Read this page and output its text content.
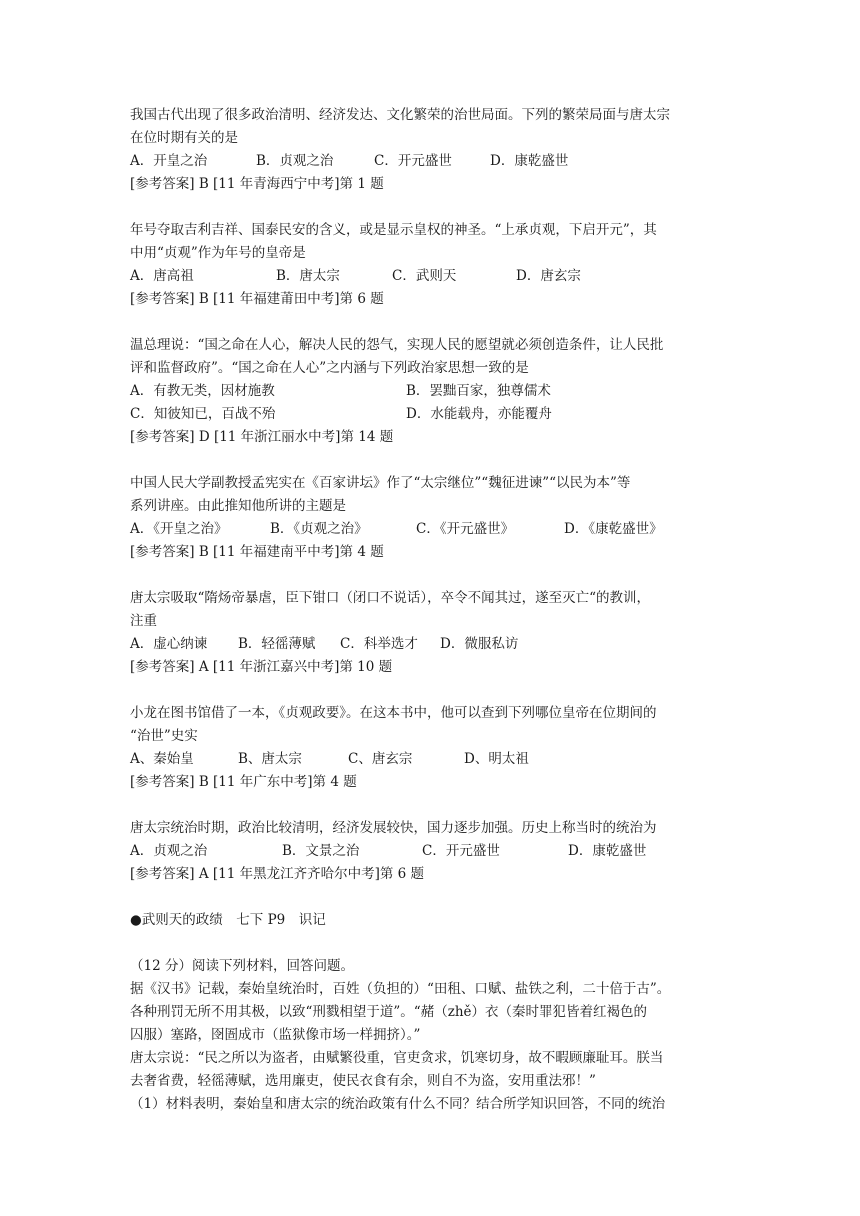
我国古代出现了很多政治清明、经济发达、文化繁荣的治世局面。下列的繁荣局面与唐太宗
在位时期有关的是
A．开皇之治	B．贞观之治	C．开元盛世	D．康乾盛世
[参考答案] B [11 年青海西宁中考]第 1 题
年号夺取吉利吉祥、国泰民安的含义，或是显示皇权的神圣。“上承贞观，下启开元”，其
中用“贞观”作为年号的皇帝是
A．唐高祖	B．唐太宗	C．武则天	D．唐玄宗
[参考答案] B [11 年福建莆田中考]第 6 题
温总理说：“国之命在人心，解决人民的怨气，实现人民的愿望就必须创造条件，让人民批
评和监督政府”。“国之命在人心”之内涵与下列政治家思想一致的是
A．有教无类，因材施教	B．罢黜百家，独尊儒术
C．知彼知已，百战不殆	D．水能载舟，亦能覆舟
[参考答案] D [11 年浙江丽水中考]第 14 题
中国人民大学副教授孟宪实在《百家讲坛》作了“太宗继位”“魏征进谏”“以民为本”等
系列讲座。由此推知他所讲的主题是
A．《开皇之治》	B．《贞观之治》	C．《开元盛世》	D．《康乾盛世》
[参考答案] B [11 年福建南平中考]第 4 题
唐太宗吸取“隋炀帝暴虐，臣下钳口（闭口不说话），卒令不闻其过，遂至灭亡“的教训，
注重
A．虚心纳谏 B．轻徭薄赋 C．科举选才 D．微服私访
[参考答案] A [11 年浙江嘉兴中考]第 10 题
小龙在图书馆借了一本，《贞观政要》。在这本书中，他可以查到下列哪位皇帝在位期间的
“治世”史实
A、秦始皇	B、唐太宗	C、唐玄宗	D、明太祖
[参考答案] B [11 年广东中考]第 4 题
唐太宗统治时期，政治比较清明，经济发展较快，国力逐步加强。历史上称当时的统治为
A．贞观之治	B．文景之治	C．开元盛世	D．康乾盛世
[参考答案] A [11 年黑龙江齐齐哈尔中考]第 6 题
●武则天的政绩　七下 P9　识记
（12 分）阅读下列材料，回答问题。
据《汉书》记载，秦始皇统治时，百姓（负担的）“田租、口赋、盐铁之利，二十倍于古”。
各种刑罚无所不用其极，以致“刑戮相望于道”。“赭（zhě）衣（秦时罪犯皆着红褐色的
囚服）塞路，囹圄成市（监狱像市场一样拥挤）。”
唐太宗说：“民之所以为盗者，由赋繁役重，官吏贪求，饥寒切身，故不暇顾廉耻耳。朕当
去奢省费，轻徭薄赋，选用廉吏，使民衣食有余，则自不为盗，安用重法邪！”
（1）材料表明，秦始皇和唐太宗的统治政策有什么不同？结合所学知识回答，不同的统治
